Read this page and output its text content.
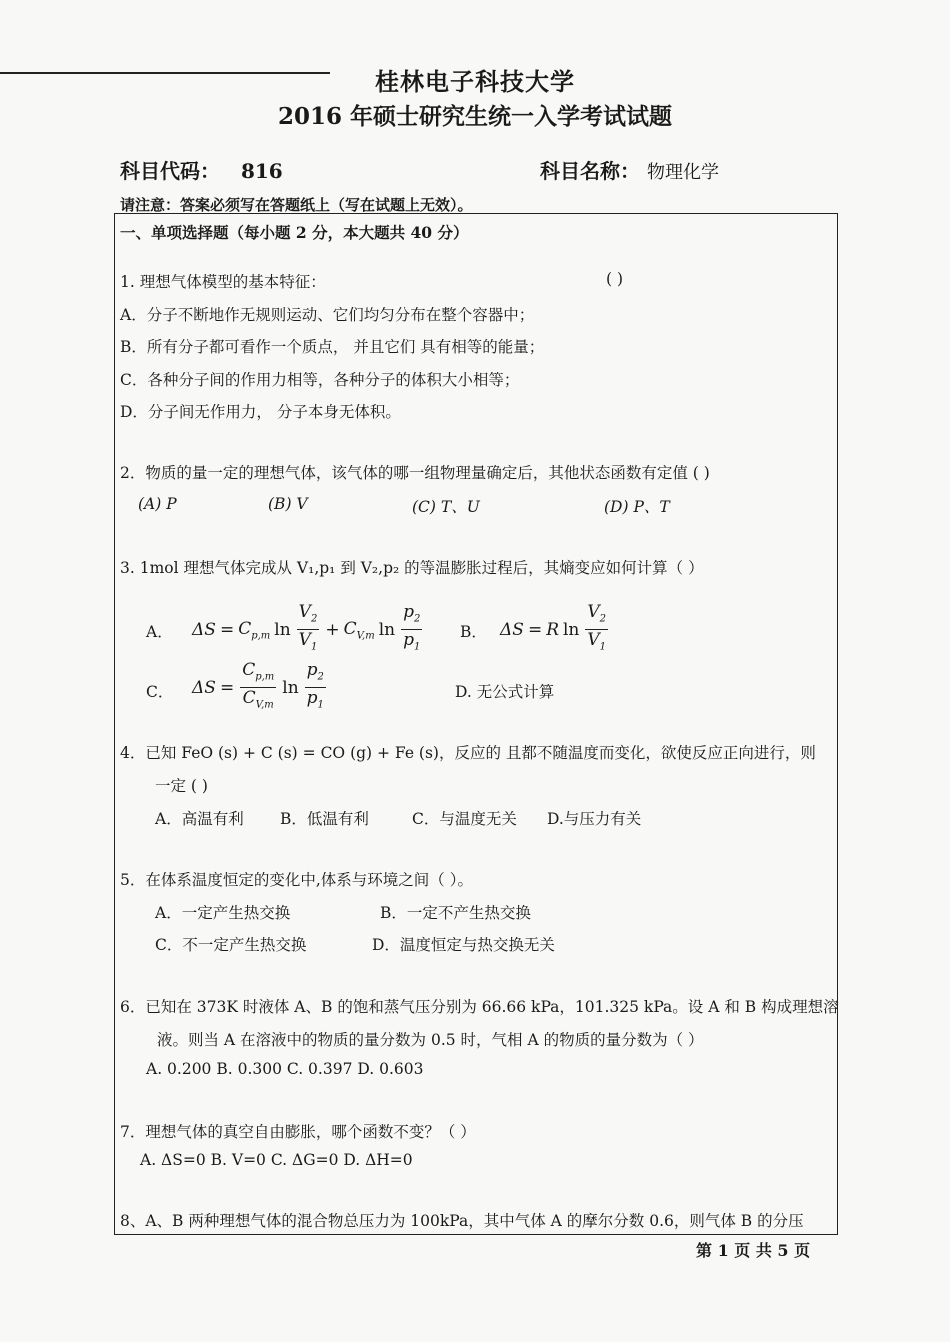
桂林电子科技大学
2016 年硕士研究生统一入学考试试题
科目代码： 816	科目名称： 物理化学
请注意：答案必须写在答题纸上（写在试题上无效）。
一、单项选择题（每小题 2 分，本大题共 40 分）
1. 理想气体模型的基本特征：	( )
A．分子不断地作无规则运动、它们均匀分布在整个容器中；
B．所有分子都可看作一个质点， 并且它们 具有相等的能量；
C．各种分子间的作用力相等，各种分子的体积大小相等；
D．分子间无作用力， 分子本身无体积。
2．物质的量一定的理想气体，该气体的哪一组物理量确定后，其他状态函数有定值 ( )
(A) P	(B) V	(C) T、U	(D) P、T
3. 1mol 理想气体完成从 V₁,p₁ 到 V₂,p₂ 的等温膨胀过程后，其熵变应如何计算（ ）
A． $\Delta S = C_{p,m}$ $\ln \frac{V_2}{V_1} + C_{V,m}$ $\ln \frac{p_2}{p_1}$ B． ΔS = R $\ln \frac{V_2}{V_1}$
C． $\Delta S = \frac{C_{p,m}}{C_{V,m}}$ $\ln \frac{p_2}{p_1}$	D. 无公式计算
4．已知 FeO (s) + C (s) = CO (g) + Fe (s)，反应的 且都不随温度而变化，欲使反应正向进行，则
一定 ( )
A．高温有利 B．低温有利	C．与温度无关 D.与压力有关
5．在体系温度恒定的变化中,体系与环境之间（ ）。
A．一定产生热交换	B．一定不产生热交换
C．不一定产生热交换	D．温度恒定与热交换无关
6．已知在 373K 时液体 A、B 的饱和蒸气压分别为 66.66 kPa，101.325 kPa。设 A 和 B 构成理想溶
液。则当 A 在溶液中的物质的量分数为 0.5 时，气相 A 的物质的量分数为（ ）
A. 0.200 B. 0.300 C. 0.397 D. 0.603
7．理想气体的真空自由膨胀，哪个函数不变？（ ）
A. ΔS=0 B. V=0 C. ΔG=0 D. ΔH=0
8、A、B 两种理想气体的混合物总压力为 100kPa，其中气体 A 的摩尔分数 0.6，则气体 B 的分压
第 1 页 共 5 页
